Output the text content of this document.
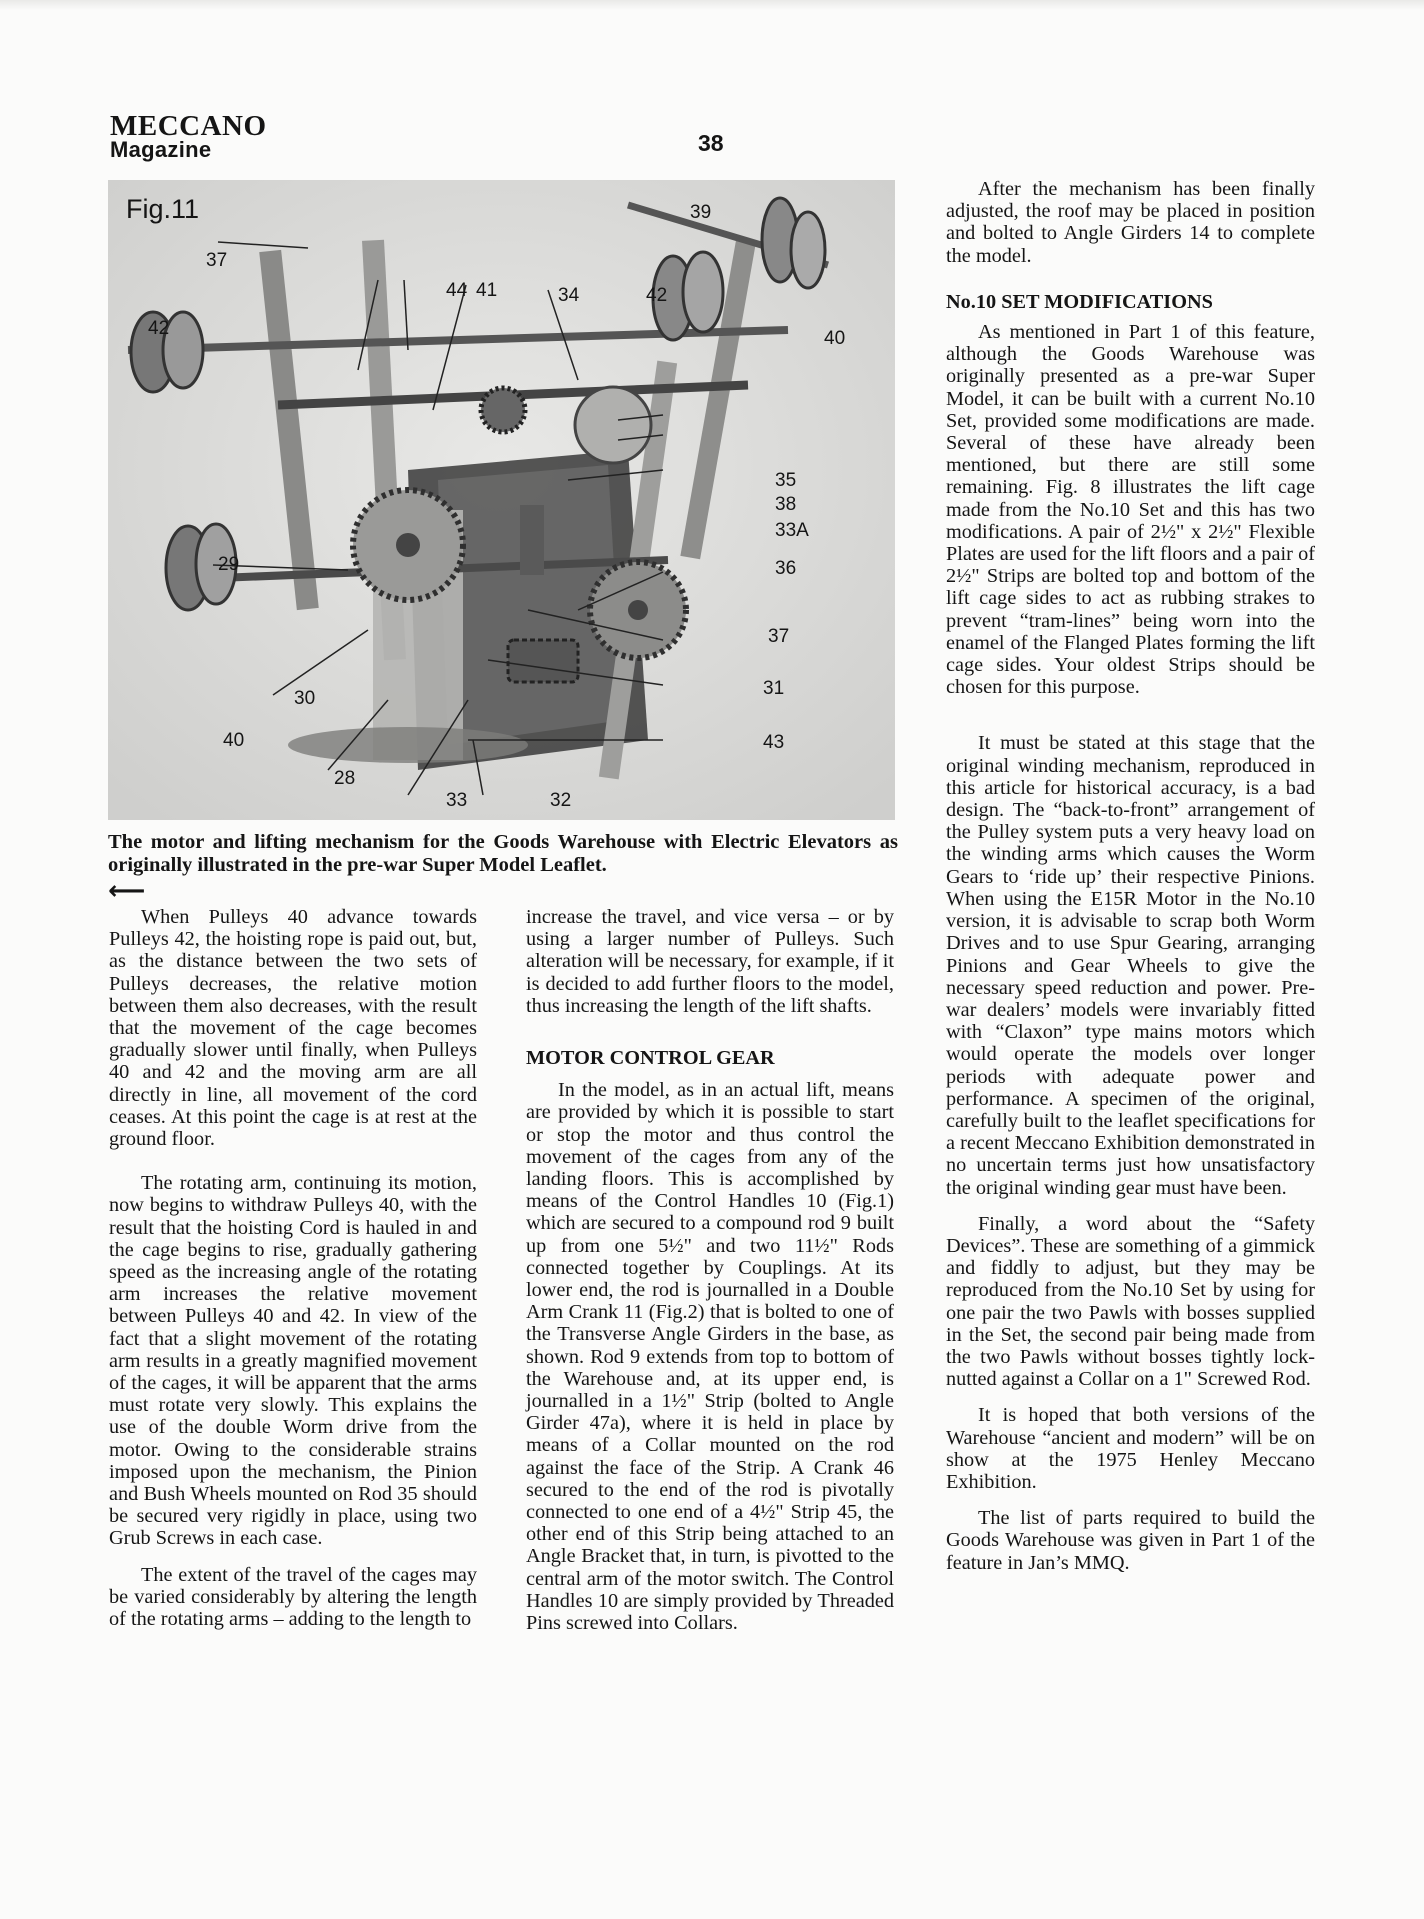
MECCANO
Magazine	38
Fig.11	39
37
44 41	34	42
42	40
35
38
33A
36
29
37
31
30
40	43
28
33	32
The motor and lifting mechanism for the Goods Warehouse with Electric Elevators as originally illustrated in the pre-war Super Model Leaflet.
⟵

When Pulleys 40 advance towards Pulleys 42, the hoisting rope is paid out, but, as the distance between the two sets of Pulleys decreases, the relative motion between them also decreases, with the result that the movement of the cage becomes gradually slower until finally, when Pulleys 40 and 42 and the moving arm are all directly in line, all movement of the cord ceases. At this point the cage is at rest at the ground floor.

The rotating arm, continuing its motion, now begins to withdraw Pulleys 40, with the result that the hoisting Cord is hauled in and the cage begins to rise, gradually gathering speed as the increasing angle of the rotating arm increases the relative movement between Pulleys 40 and 42. In view of the fact that a slight movement of the rotating arm results in a greatly magnified movement of the cages, it will be apparent that the arms must rotate very slowly. This explains the use of the double Worm drive from the motor. Owing to the considerable strains imposed upon the mechanism, the Pinion and Bush Wheels mounted on Rod 35 should be secured very rigidly in place, using two Grub Screws in each case.

The extent of the travel of the cages may be varied considerably by altering the length of the rotating arms – adding to the length to

increase the travel, and vice versa – or by using a larger number of Pulleys. Such alteration will be necessary, for example, if it is decided to add further floors to the model, thus increasing the length of the lift shafts.

MOTOR CONTROL GEAR

In the model, as in an actual lift, means are provided by which it is possible to start or stop the motor and thus control the movement of the cages from any of the landing floors. This is accomplished by means of the Control Handles 10 (Fig.1) which are secured to a compound rod 9 built up from one 5½" and two 11½" Rods connected together by Couplings. At its lower end, the rod is journalled in a Double Arm Crank 11 (Fig.2) that is bolted to one of the Transverse Angle Girders in the base, as shown. Rod 9 extends from top to bottom of the Warehouse and, at its upper end, is journalled in a 1½" Strip (bolted to Angle Girder 47a), where it is held in place by means of a Collar mounted on the rod against the face of the Strip. A Crank 46 secured to the end of the rod is pivotally connected to one end of a 4½" Strip 45, the other end of this Strip being attached to an Angle Bracket that, in turn, is pivotted to the central arm of the motor switch. The Control Handles 10 are simply provided by Threaded Pins screwed into Collars.

After the mechanism has been finally adjusted, the roof may be placed in position and bolted to Angle Girders 14 to complete the model.

No.10 SET MODIFICATIONS

As mentioned in Part 1 of this feature, although the Goods Warehouse was originally presented as a pre-war Super Model, it can be built with a current No.10 Set, provided some modifications are made. Several of these have already been mentioned, but there are still some remaining. Fig. 8 illustrates the lift cage made from the No.10 Set and this has two modifications. A pair of 2½" x 2½" Flexible Plates are used for the lift floors and a pair of 2½" Strips are bolted top and bottom of the lift cage sides to act as rubbing strakes to prevent “tram-lines” being worn into the enamel of the Flanged Plates forming the lift cage sides. Your oldest Strips should be chosen for this purpose.

It must be stated at this stage that the original winding mechanism, reproduced in this article for historical accuracy, is a bad design. The “back-to-front” arrangement of the Pulley system puts a very heavy load on the winding arms which causes the Worm Gears to ‘ride up’ their respective Pinions. When using the E15R Motor in the No.10 version, it is advisable to scrap both Worm Drives and to use Spur Gearing, arranging Pinions and Gear Wheels to give the necessary speed reduction and power. Pre-war dealers’ models were invariably fitted with “Claxon” type mains motors which would operate the models over longer periods with adequate power and performance. A specimen of the original, carefully built to the leaflet specifications for a recent Meccano Exhibition demonstrated in no uncertain terms just how unsatisfactory the original winding gear must have been.

Finally, a word about the “Safety Devices”. These are something of a gimmick and fiddly to adjust, but they may be reproduced from the No.10 Set by using for one pair the two Pawls with bosses supplied in the Set, the second pair being made from the two Pawls without bosses tightly lock-nutted against a Collar on a 1" Screwed Rod.

It is hoped that both versions of the Warehouse “ancient and modern” will be on show at the 1975 Henley Meccano Exhibition.

The list of parts required to build the Goods Warehouse was given in Part 1 of the feature in Jan’s MMQ.
